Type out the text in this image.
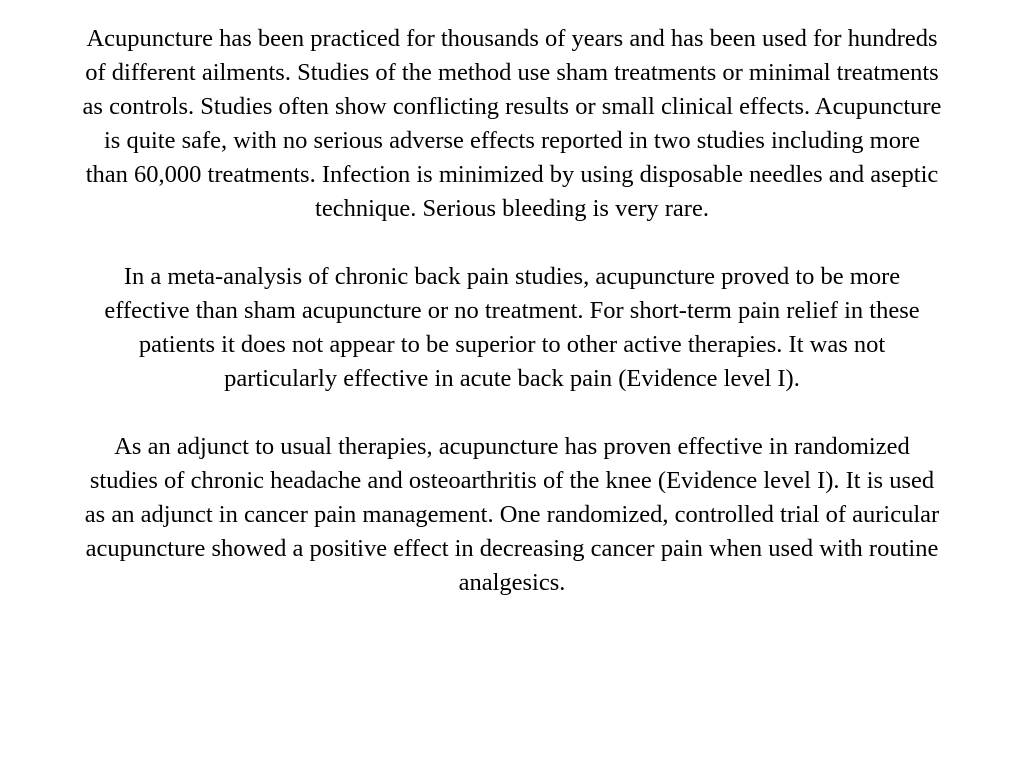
Acupuncture has been practiced for thousands of years and has been used for hundreds of different ailments. Studies of the method use sham treatments or minimal treatments as controls. Studies often show conflicting results or small clinical effects. Acupuncture is quite safe, with no serious adverse effects reported in two studies including more than 60,000 treatments. Infection is minimized by using disposable needles and aseptic technique. Serious bleeding is very rare.

In a meta-analysis of chronic back pain studies, acupuncture proved to be more effective than sham acupuncture or no treatment. For short-term pain relief in these patients it does not appear to be superior to other active therapies. It was not particularly effective in acute back pain (Evidence level I).

As an adjunct to usual therapies, acupuncture has proven effective in randomized studies of chronic headache and osteoarthritis of the knee (Evidence level I). It is used as an adjunct in cancer pain management. One randomized, controlled trial of auricular acupuncture showed a positive effect in decreasing cancer pain when used with routine analgesics.
